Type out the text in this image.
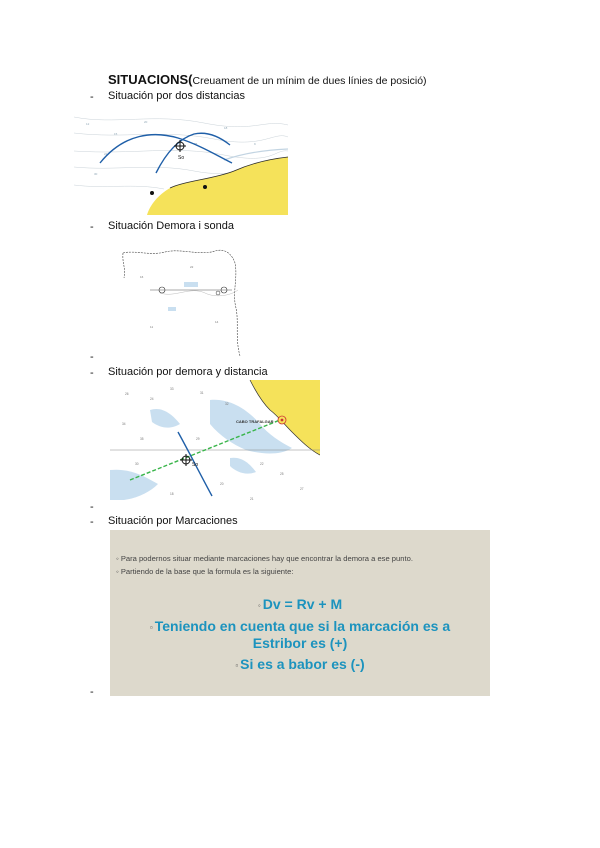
SITUACIONS(Creuament de un mínim de dues línies de posició)
- Situación por dos distancias
12
15
20
18
22
25	9
30
So
- Situación Demora i sonda
16
22
14
11
-
- Situación por demora y distancia
26
24
33
31
32
34
35	29
22
25
27
30
20
18
21
So
CABO TRAFALGAR
-
- Situación por Marcaciones
◦ Para podernos situar mediante marcaciones hay que encontrar la demora a ese punto.
◦ Partiendo de la base que la formula es la siguiente:
◦ Dv = Rv + M
▫ Teniendo en cuenta que si la marcación es a
Estribor es (+)
▫ Si es a babor es (-)
-
